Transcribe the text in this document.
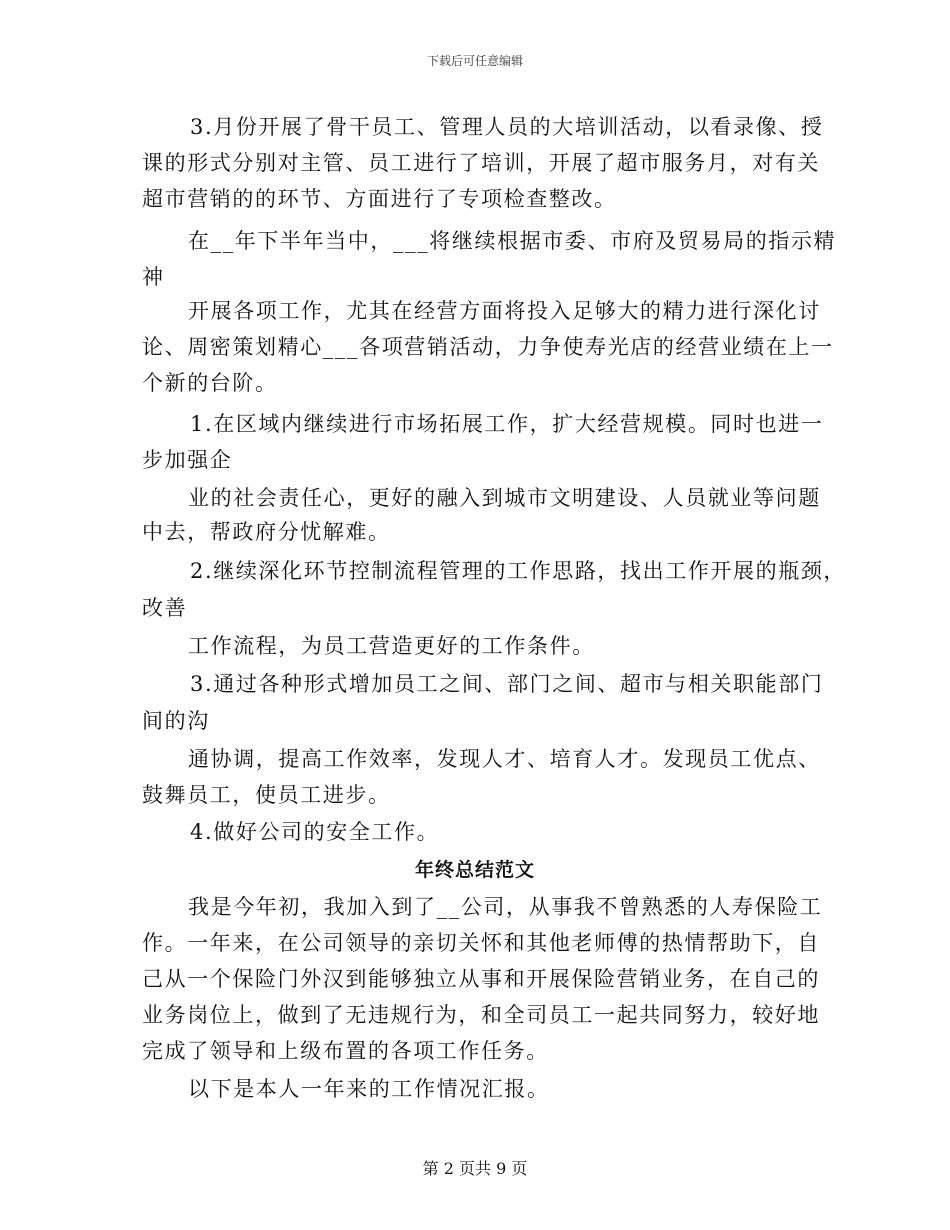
下载后可任意编辑
3.月份开展了骨干员工、管理人员的大培训活动，以看录像、授
课的形式分别对主管、员工进行了培训，开展了超市服务月，对有关
超市营销的的环节、方面进行了专项检查整改。
在__年下半年当中，___将继续根据市委、市府及贸易局的指示精
神
开展各项工作，尤其在经营方面将投入足够大的精力进行深化讨
论、周密策划精心___各项营销活动，力争使寿光店的经营业绩在上一
个新的台阶。
1.在区域内继续进行市场拓展工作，扩大经营规模。同时也进一
步加强企
业的社会责任心，更好的融入到城市文明建设、人员就业等问题
中去，帮政府分忧解难。
2.继续深化环节控制流程管理的工作思路，找出工作开展的瓶颈，
改善
工作流程，为员工营造更好的工作条件。
3.通过各种形式增加员工之间、部门之间、超市与相关职能部门
间的沟
通协调，提高工作效率，发现人才、培育人才。发现员工优点、
鼓舞员工，使员工进步。
4.做好公司的安全工作。
年终总结范文
我是今年初，我加入到了__公司，从事我不曾熟悉的人寿保险工
作。一年来，在公司领导的亲切关怀和其他老师傅的热情帮助下，自
己从一个保险门外汉到能够独立从事和开展保险营销业务，在自己的
业务岗位上，做到了无违规行为，和全司员工一起共同努力，较好地
完成了领导和上级布置的各项工作任务。
以下是本人一年来的工作情况汇报。
第 2 页共 9 页
